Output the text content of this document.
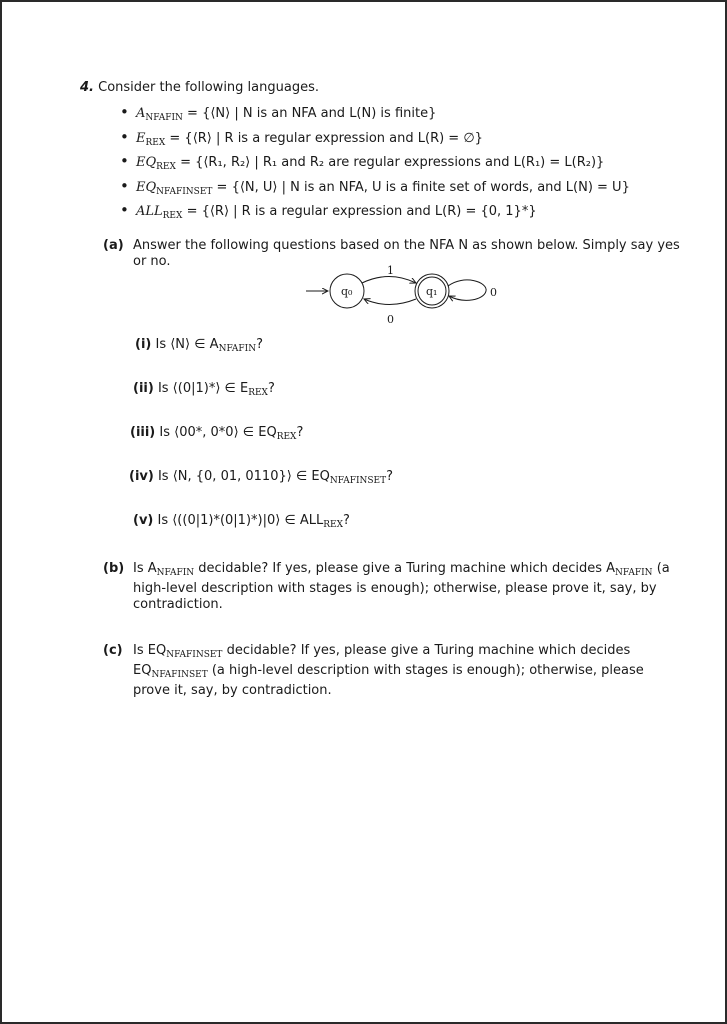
4. Consider the following languages.
• $A_{NFAFIN}$ = {⟨N⟩ | N is an NFA and L(N) is finite}
• $E_{REX}$ = {⟨R⟩ | R is a regular expression and L(R) = ∅}
• $EQ_{REX}$ = {⟨R₁, R₂⟩ | R₁ and R₂ are regular expressions and L(R₁) = L(R₂)}
• $EQ_{NFAFINSET}$ = {⟨N, U⟩ | N is an NFA, U is a finite set of words, and L(N) = U}
• $ALL_{REX}$ = {⟨R⟩ | R is a regular expression and L(R) = {0, 1}*}
(a) Answer the following questions based on the NFA N as shown below. Simply say yes or no.
q₀	q₁
1
0
0
(i) Is ⟨N⟩ ∈ $A_{NFAFIN}$?
(ii) Is ⟨(0|1)*⟩ ∈ $E_{REX}$?
(iii) Is ⟨00*, 0*0⟩ ∈ $EQ_{REX}$?
(iv) Is ⟨N, {0, 01, 0110}⟩ ∈ $EQ_{NFAFINSET}$?
(v) Is ⟨((0|1)*(0|1)*)|0⟩ ∈ $ALL_{REX}$?
(b) Is $A_{NFAFIN}$ decidable? If yes, please give a Turing machine which decides $A_{NFAFIN}$ (a high-level description with stages is enough); otherwise, please prove it, say, by contradiction.
(c) Is $EQ_{NFAFINSET}$ decidable? If yes, please give a Turing machine which decides $EQ_{NFAFINSET}$ (a high-level description with stages is enough); otherwise, please prove it, say, by contradiction.
